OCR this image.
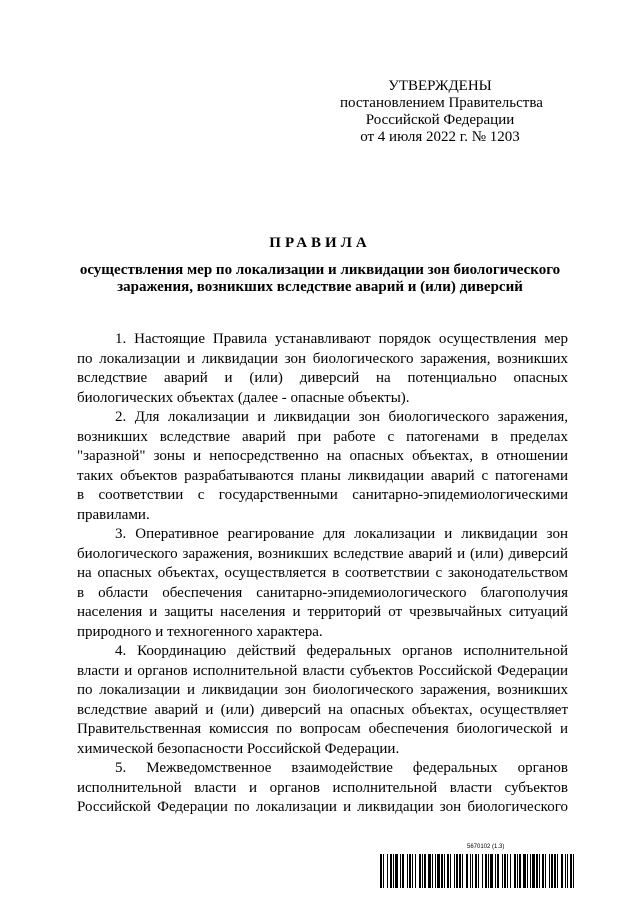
УТВЕРЖДЕНЫ
постановлением Правительства
Российской Федерации
от 4 июля 2022 г. № 1203
ПРАВИЛА
осуществления мер по локализации и ликвидации зон биологического
заражения, возникших вследствие аварий и (или) диверсий
1. Настоящие Правила устанавливают порядок осуществления мер
по локализации и ликвидации зон биологического заражения, возникших
вследствие аварий и (или) диверсий на потенциально опасных
биологических объектах (далее - опасные объекты).
2. Для локализации и ликвидации зон биологического заражения,
возникших вследствие аварий при работе с патогенами в пределах
"заразной" зоны и непосредственно на опасных объектах, в отношении
таких объектов разрабатываются планы ликвидации аварий с патогенами
в соответствии с государственными санитарно-эпидемиологическими
правилами.
3. Оперативное реагирование для локализации и ликвидации зон
биологического заражения, возникших вследствие аварий и (или) диверсий
на опасных объектах, осуществляется в соответствии с законодательством
в области обеспечения санитарно-эпидемиологического благополучия
населения и защиты населения и территорий от чрезвычайных ситуаций
природного и техногенного характера.
4. Координацию действий федеральных органов исполнительной
власти и органов исполнительной власти субъектов Российской Федерации
по локализации и ликвидации зон биологического заражения, возникших
вследствие аварий и (или) диверсий на опасных объектах, осуществляет
Правительственная комиссия по вопросам обеспечения биологической и
химической безопасности Российской Федерации.
5. Межведомственное взаимодействие федеральных органов
исполнительной власти и органов исполнительной власти субъектов
Российской Федерации по локализации и ликвидации зон биологического
5670102 (1.3)
